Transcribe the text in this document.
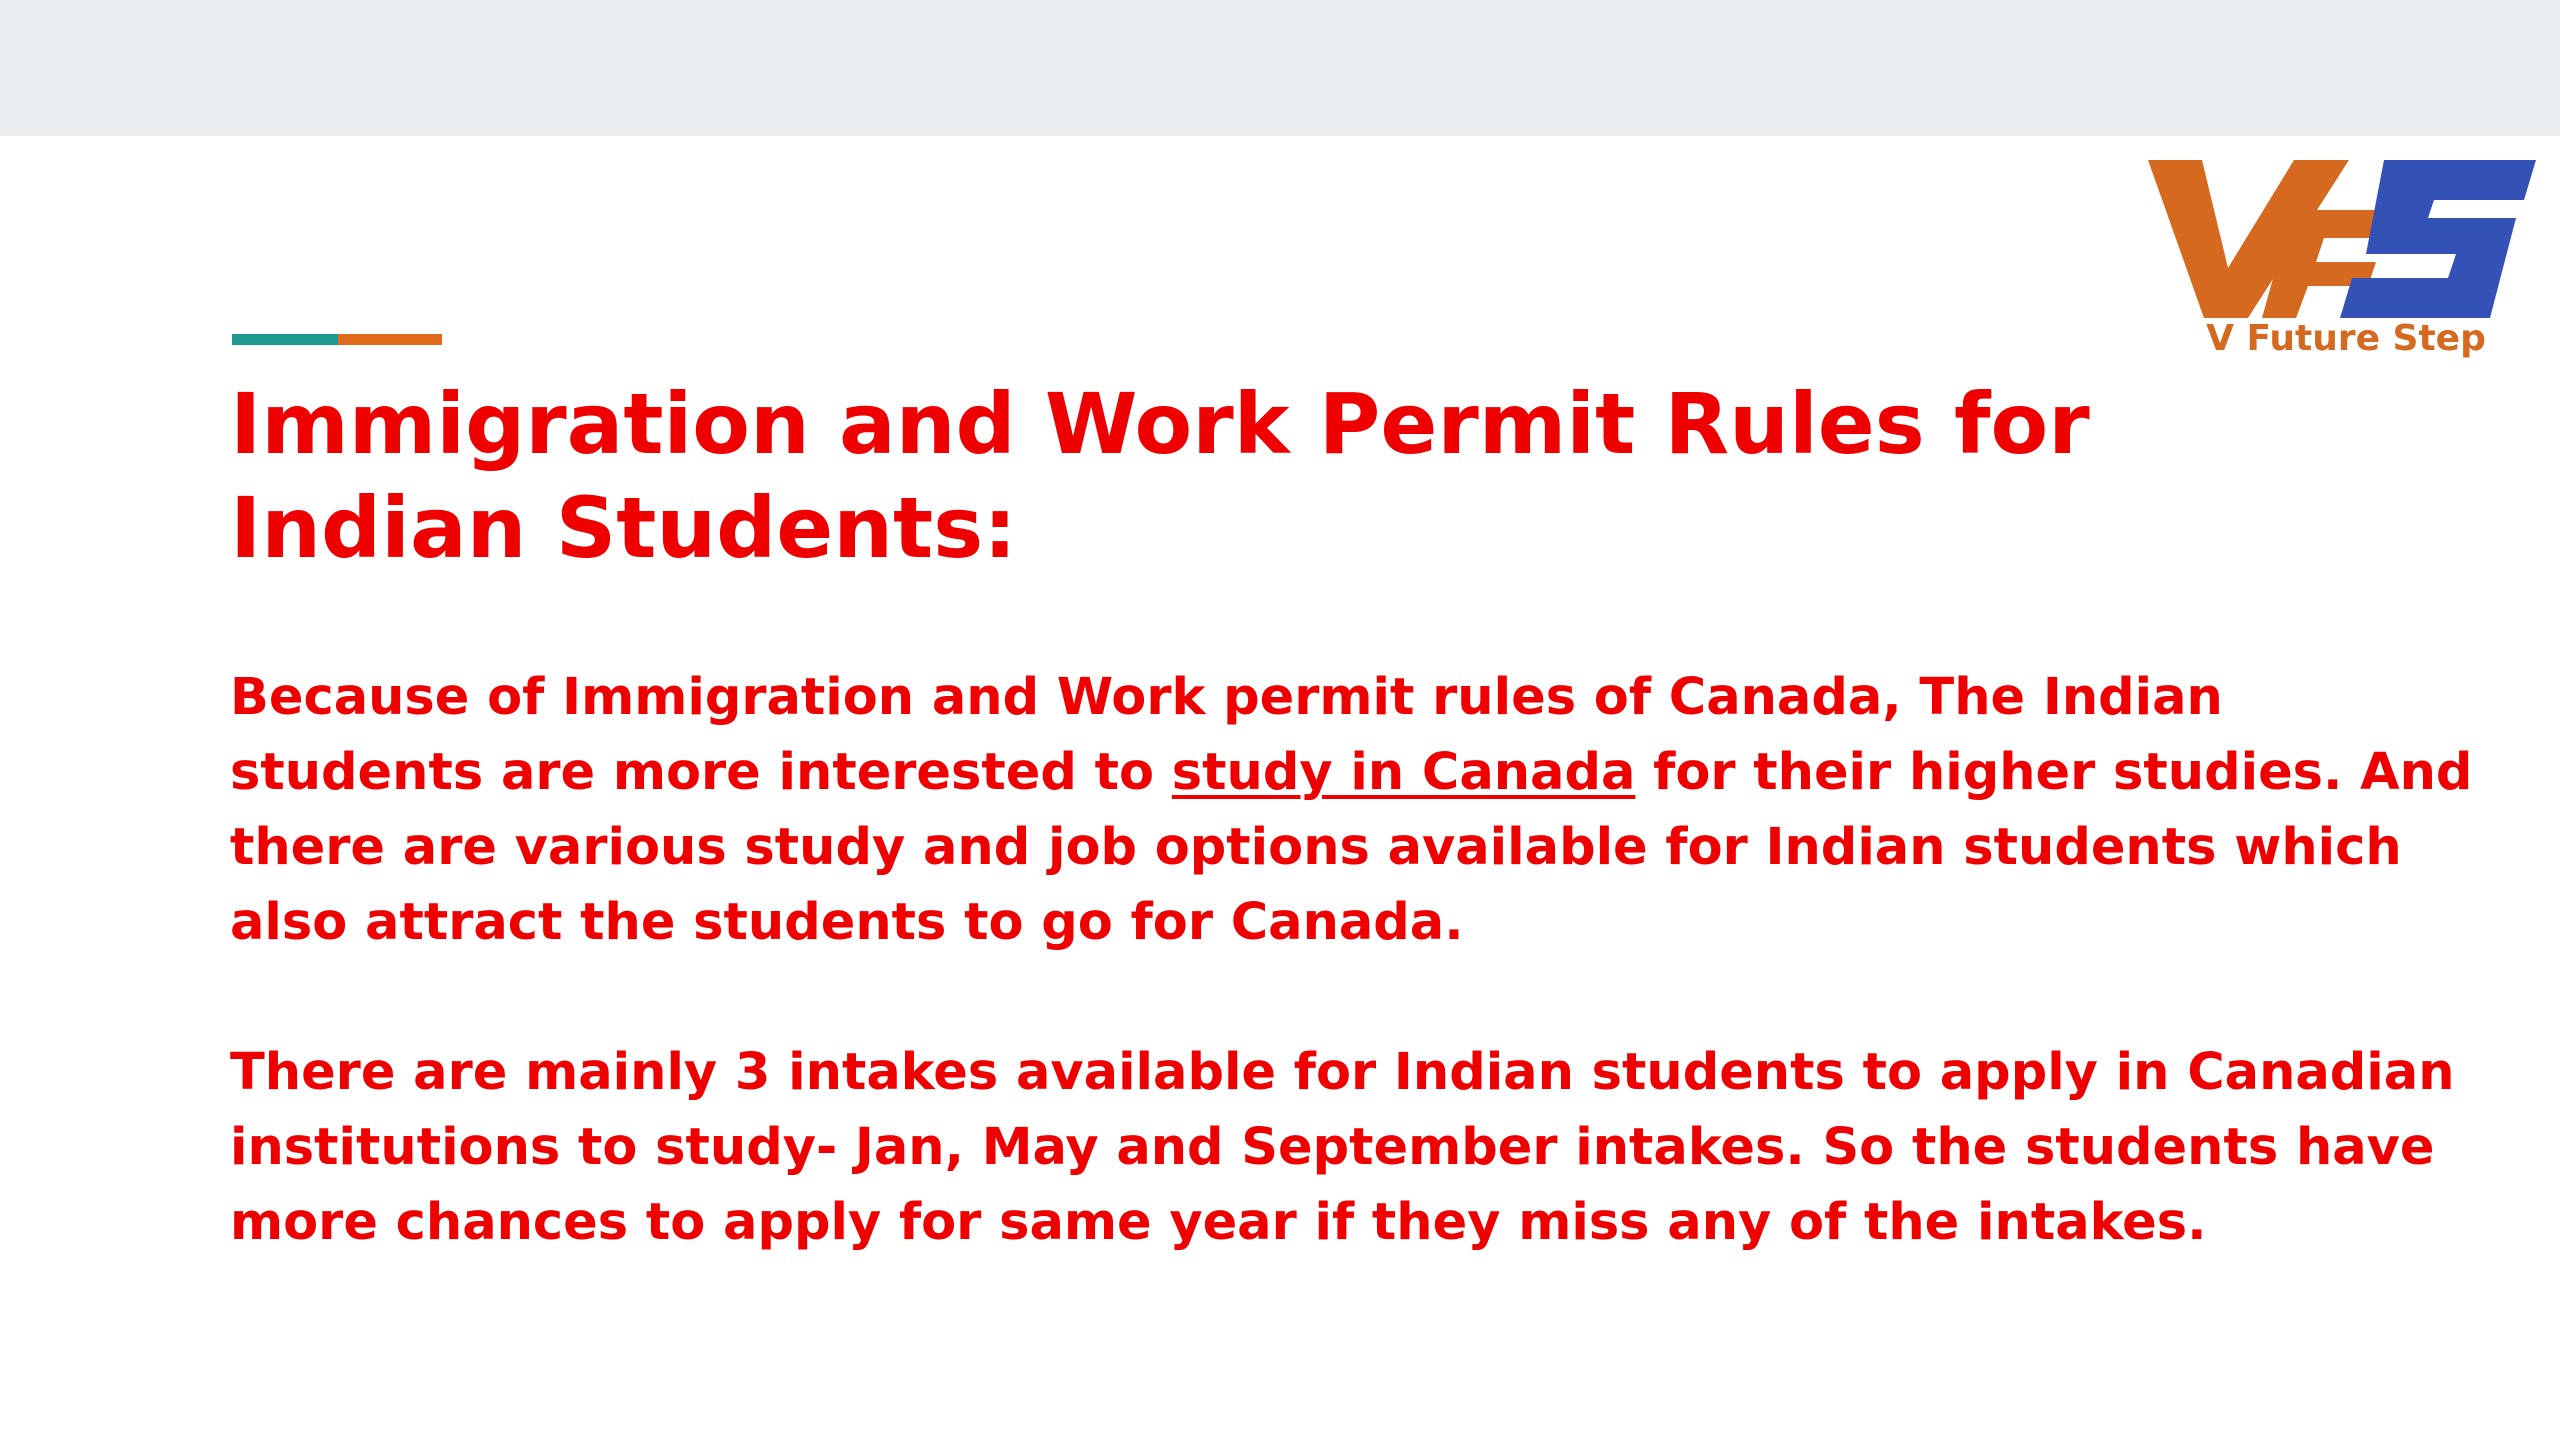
V Future Step
Immigration and Work Permit Rules for
Indian Students:

Because of Immigration and Work permit rules of Canada, The Indian students are more interested to study in Canada for their higher studies. And there are various study and job options available for Indian students which also attract the students to go for Canada.

There are mainly 3 intakes available for Indian students to apply in Canadian institutions to study- Jan, May and September intakes. So the students have more chances to apply for same year if they miss any of the intakes.
